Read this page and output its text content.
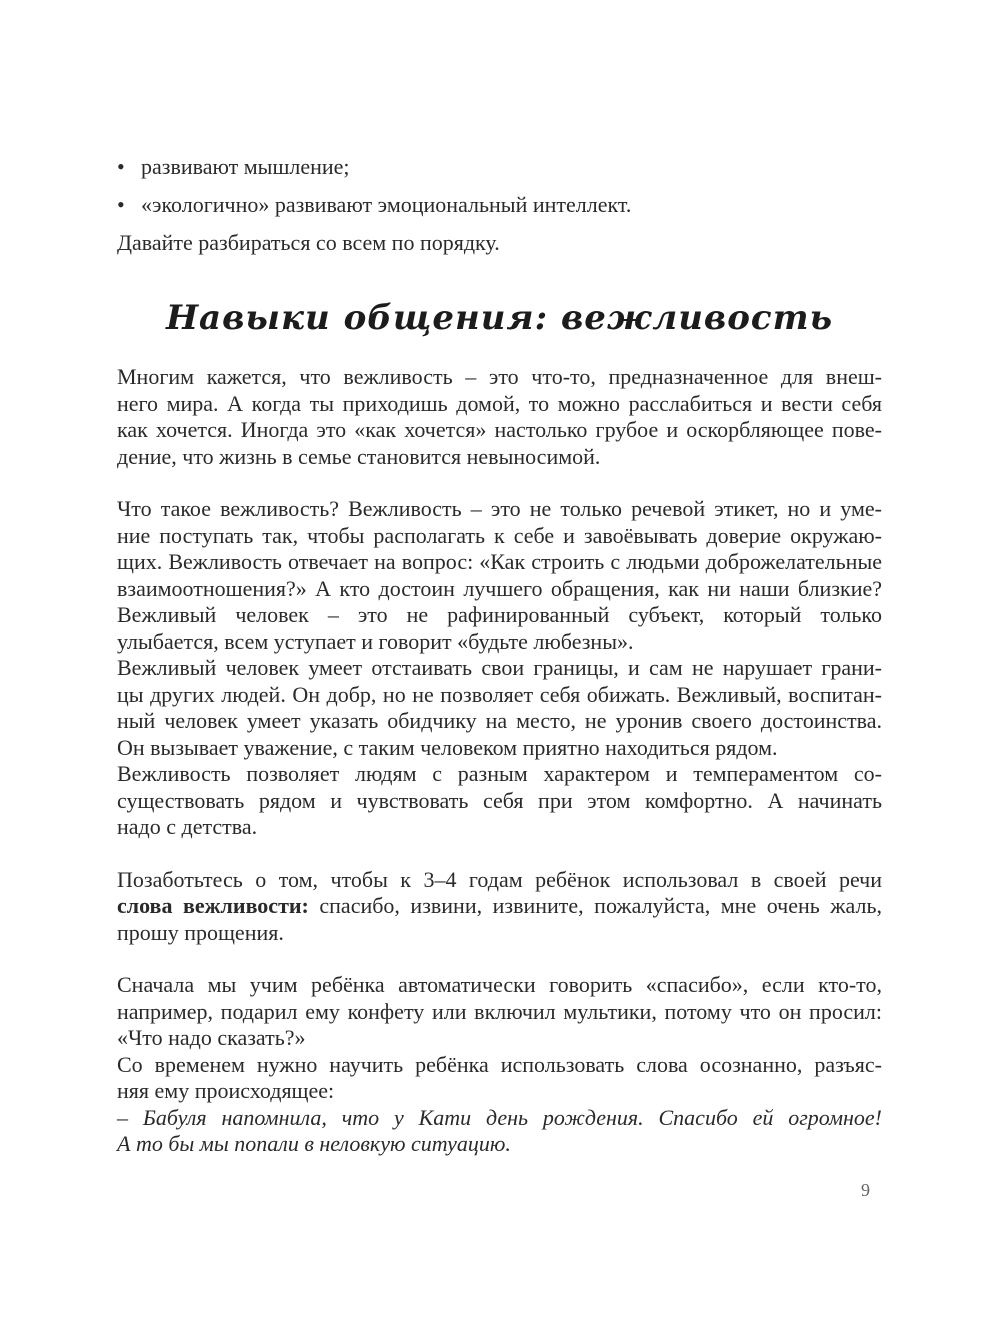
• развивают мышление;
• «экологично» развивают эмоциональный интеллект.

Давайте разбираться со всем по порядку.

Навыки общения: вежливость
Многим кажется, что вежливость – это что-то, предназначенное для внеш-
него мира. А когда ты приходишь домой, то можно расслабиться и вести себя
как хочется. Иногда это «как хочется» настолько грубое и оскорбляющее пове-
дение, что жизнь в семье становится невыносимой.
Что такое вежливость? Вежливость – это не только речевой этикет, но и уме-
ние поступать так, чтобы располагать к себе и завоёвывать доверие окружаю-
щих. Вежливость отвечает на вопрос: «Как строить с людьми доброжелательные
взаимоотношения?» А кто достоин лучшего обращения, как ни наши близкие?
Вежливый человек – это не рафинированный субъект, который только
улыбается, всем уступает и говорит «будьте любезны».
Вежливый человек умеет отстаивать свои границы, и сам не нарушает грани-
цы других людей. Он добр, но не позволяет себя обижать. Вежливый, воспитан-
ный человек умеет указать обидчику на место, не уронив своего достоинства.
Он вызывает уважение, с таким человеком приятно находиться рядом.
Вежливость позволяет людям с разным характером и темпераментом со-
существовать рядом и чувствовать себя при этом комфортно. А начинать
надо с детства.
Позаботьтесь о том, чтобы к 3–4 годам ребёнок использовал в своей речи
слова вежливости: спасибо, извини, извините, пожалуйста, мне очень жаль,
прошу прощения.
Сначала мы учим ребёнка автоматически говорить «спасибо», если кто-то,
например, подарил ему конфету или включил мультики, потому что он просил:
«Что надо сказать?»
Со временем нужно научить ребёнка использовать слова осознанно, разъяс-
няя ему происходящее:
– Бабуля напомнила, что у Кати день рождения. Спасибо ей огромное!
А то бы мы попали в неловкую ситуацию.
9
